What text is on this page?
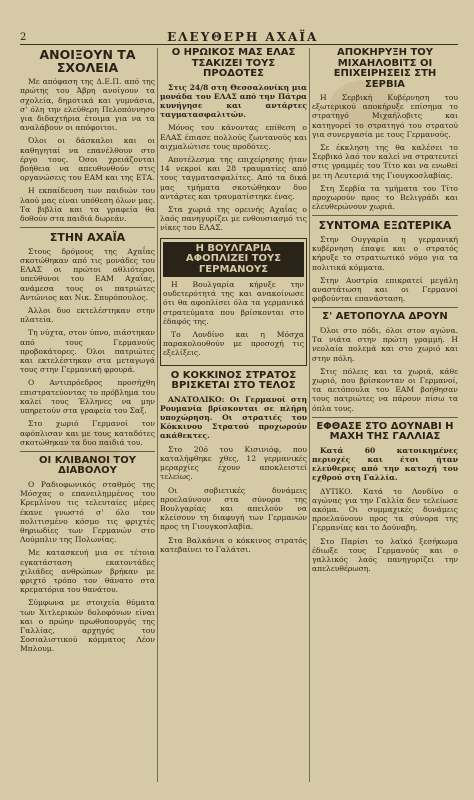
2	ΕΛΕΥΘΕΡΗ ΑΧΑΪΑ
ΑΝΟΙΞΟΥΝ ΤΑ ΣΧΟΛΕΙΑ

Με απόφαση της Δ.Ε.Π. από της πρώτης του Άβρη ανοίγουν τα σχολεία, δημοτικά και γυμνάσια, σ' όλη την ελεύθερη Πελοπόννησο για διδαχτήρια έτοιμα για να τα αναλάβουν οι απόφοιτοι.

Όλοι οι δάσκαλοι και οι καθηγηταί να επανέλθουν στο έργο τους. Όσοι χρειάζονται βοήθεια να απευθυνθούν στις οργανώσεις του ΕΑΜ και της ΕΤΑ.

Η εκπαίδευση των παιδιών του λαού μας είναι υπόθεση όλων μας. Τα βιβλία και τα γραφεία θα δοθούν στα παιδιά δωρεάν.

ΣΤΗΝ ΑΧΑΪΑ

Στους δρόμους της Αχαΐας σκοτώθηκαν από τις μονάδες του ΕΛΑΣ οι πρώτοι αθλιότεροι υπεύθυνοι του ΕΑΜ Αχαΐας, ανάμεσα τους οι πατριώτες Αντώνιος και Νικ. Σπυρόπουλος.

Άλλοι δυο εκτελέστηκαν στην πλατεία.

Τη νύχτα, στον ύπνο, πιάστηκαν από τους Γερμανούς προβοκάτορες. Όλοι πατριώτες και εκτελέστηκαν στα μεταγωγά τους στην Γερμανική φρουρά.

Ο Αντιπρόεδρος προσήχθη επιστρατεύοντας το πρόβλημα του καλεί τους Έλληνες να μην υπηρετούν στα γραφεία του Σαξ.

Στο χωριό Γερμανοί τον αφόπλισαν και με τους καταδότες σκοτώθηκαν τα δυο παιδιά του.

ΟΙ ΚΛΙΒΑΝΟΙ ΤΟΥ ΔΙΑΒΟΛΟΥ

Ο Ραδιοφωνικός σταθμός της Μόσχας ο επανειλημμένος του Κρεμλίνου τις τελευταίες μέρες έκανε γνωστό σ' όλο τον πολιτισμένο κόσμο τις φριχτές θηριωδίες των Γερμανών στο Λούμπλιν της Πολωνίας.

Με κατασκευή μια σε τέτοια εγκατάσταση εκατοντάδες χιλιάδες ανθρώπων βρήκαν με φριχτό τρόπο τον θάνατο στα κρεματόρια του θανάτου.

Σύμφωνα με στοιχεία θύματα των Χιτλερικών δολοφόνων είναι και ο πρώην πρωθυπουργός της Γαλλίας, αρχηγός του Σοσιαλιστικού κόμματος Λέον Μπλουμ.

Ο ΗΡΩΙΚΟΣ ΜΑΣ ΕΛΑΣ ΤΣΑΚΙΖΕΙ ΤΟΥΣ ΠΡΟΔΟΤΕΣ

Στις 24/8 στη Θεσσαλονίκη μια μονάδα του ΕΛΑΣ από την Πάτρα κυνήγησε και αντάρτες ταγματασφαλιτών.

Μόνος του κάνοντας επίθεση ο ΕΛΑΣ έπιασε πολλούς ζωντανούς και αιχμαλώτισε τους προδότες.

Αποτέλεσμα της επιχείρησης ήταν 14 νεκροί και 28 τραυματίες από τους ταγματασφαλίτες. Από τα δικά μας τμήματα σκοτώθηκαν δυο αντάρτες και τραυματίστηκε ένας.

Στα χωριά της ορεινής Αχαΐας ο λαός πανηγυρίζει με ενθουσιασμό τις νίκες του ΕΛΑΣ.

Η ΒΟΥΛΓΑΡΙΑ ΑΦΟΠΛΙΖΕΙ ΤΟΥΣ ΓΕΡΜΑΝΟΥΣ

Η Βουλγαρία κήρυξε την ουδετερότητά της και ανακοίνωσε ότι θα αφοπλίσει όλα τα γερμανικά στρατεύματα που βρίσκονται στο έδαφός της.

Το Λονδίνο και η Μόσχα παρακολουθούν με προσοχή τις εξελίξεις.

Ο ΚΟΚΚΙΝΟΣ ΣΤΡΑΤΟΣ ΒΡΙΣΚΕΤΑΙ ΣΤΟ ΤΕΛΟΣ

ΑΝΑΤΟΛΙΚΟ: Οι Γερμανοί στη Ρουμανία βρίσκονται σε πλήρη υποχώρηση. Οι στρατιές του Κόκκινου Στρατού προχωρούν ακάθεκτες.

Στο 20ό του Κισινιόφ, που καταλήφθηκε χθες, 12 γερμανικές μεραρχίες έχουν αποκλειστεί τελείως.

Οι σοβιετικές δυνάμεις προελαύνουν στα σύνορα της Βουλγαρίας και απειλούν να κλείσουν τη διαφυγή των Γερμανών προς τη Γιουγκοσλαβία.

Στα Βαλκάνια ο κόκκινος στρατός κατεβαίνει το Γαλάτσι.

ΑΠΟΚΗΡΥΞΗ ΤΟΥ ΜΙΧΑΗΛΟΒΙΤΣ ΟΙ ΕΠΙΧΕΙΡΗΣΕΙΣ ΣΤΗ ΣΕΡΒΙΑ

Η Σερβική Κυβέρνηση του εξωτερικού αποκήρυξε επίσημα το στρατηγό Μιχαήλοβιτς και κατηγορεί το στρατηγό του στρατού για συνεργασία με τους Γερμανούς.

Σε έκκληση της θα καλέσει το Σερβικό λαό τον καλεί να στρατευτεί στις γραμμές του Τίτο και να ενωθεί με τη Λευτεριά της Γιουγκοσλαβίας.

Στη Σερβία τα τμήματα του Τίτο προχωρούν προς το Βελιγράδι και ελευθερώνουν χωριά.

ΣΥΝΤΟΜΑ ΕΞΩΤΕΡΙΚΑ

Στην Ουγγαρία η γερμανική κυβέρνηση έπαψε και ο στρατός κήρυξε το στρατιωτικό νόμο για τα πολιτικά κόμματα.

Στην Αυστρία επικρατεί μεγάλη αναστάτωση και οι Γερμανοί φοβούνται επανάσταση.

Σ' ΑΕΤΟΠΟΥΛΑ ΔΡΟΥΝ

Όλοι στο πόδι, όλοι στον αγώνα. Τα νιάτα στην πρώτη γραμμή. Η νεολαία πολεμά και στο χωριό και στην πόλη.

Στις πόλεις και τα χωριά, κάθε χωριό, που βρίσκονταν οι Γερμανοί, τα αετόπουλα του ΕΑΜ βοήθησαν τους πατριώτες να πάρουν πίσω τα όπλα τους.

ΕΦΘΑΣΕ ΣΤΟ ΔΟΥΝΑΒΙ Η ΜΑΧΗ ΤΗΣ ΓΑΛΛΙΑΣ

Κατά 60 κατοικημένες περιοχές και έτσι ήταν ελεύθερες από την κατοχή του εχθρού στη Γαλλία.

ΔΥΤΙΚΟ. Κατά το Λονδίνο ο αγώνας για την Γαλλία δεν τελείωσε ακόμα. Οι συμμαχικές δυνάμεις προελαύνουν προς τα σύνορα της Γερμανίας και το Δούναβη.

Στο Παρίσι το λαϊκό ξεσήκωμα έδιωξε τους Γερμανούς και ο γαλλικός λαός πανηγυρίζει την απελευθέρωση.
